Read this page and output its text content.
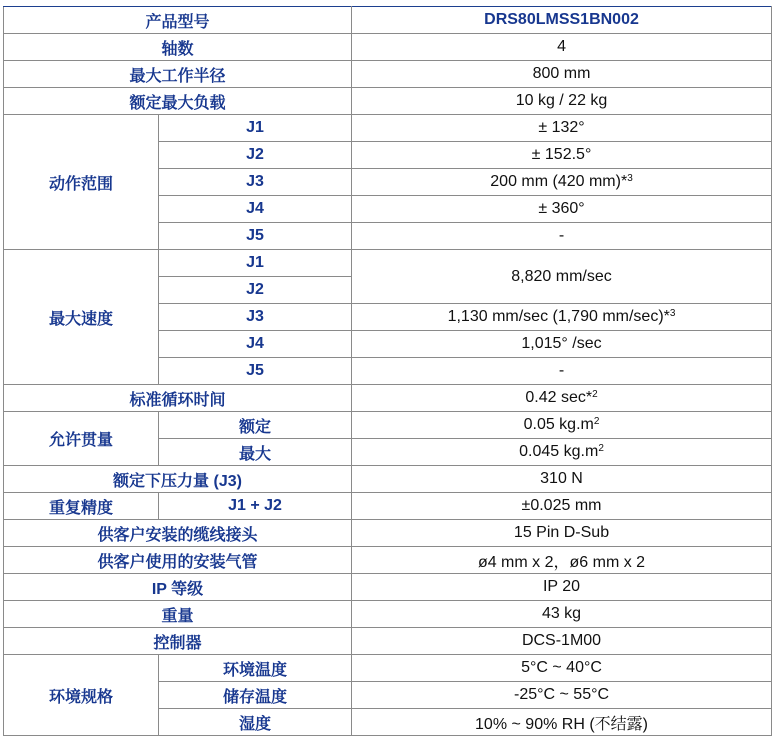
产品型号		DRS80LMSS1BN002
轴数		4
最大工作半径		800 mm
额定最大负载		10 kg / 22 kg
动作范围	J1	± 132°
	J2	± 152.5°
	J3	200 mm (420 mm)*$^3$
	J4	± 360°
	J5	-
最大速度	J1	8,820 mm/sec
	J2	
	J3	1,130 mm/sec (1,790 mm/sec)*$^3$
	J4	1,015° /sec
	J5	-
标准循环时间		0.42 sec*$^2$
允许贯量	额定	0.05 $kg.m^2$
	最大	0.045 $kg.m^2$
额定下压力量 (J3)		310 N
重复精度	J1 + J2	±0.025 mm
供客户安装的缆线接头		15 Pin D-Sub
供客户使用的安装气管		ø4 mm x 2，ø6 mm x 2
IP 等级		IP 20
重量		43 kg
控制器		DCS-1M00
环境规格	环境温度	5°C ~ 40°C
	储存温度	-25°C ~ 55°C
	湿度	10% ~ 90% RH (不结露)
